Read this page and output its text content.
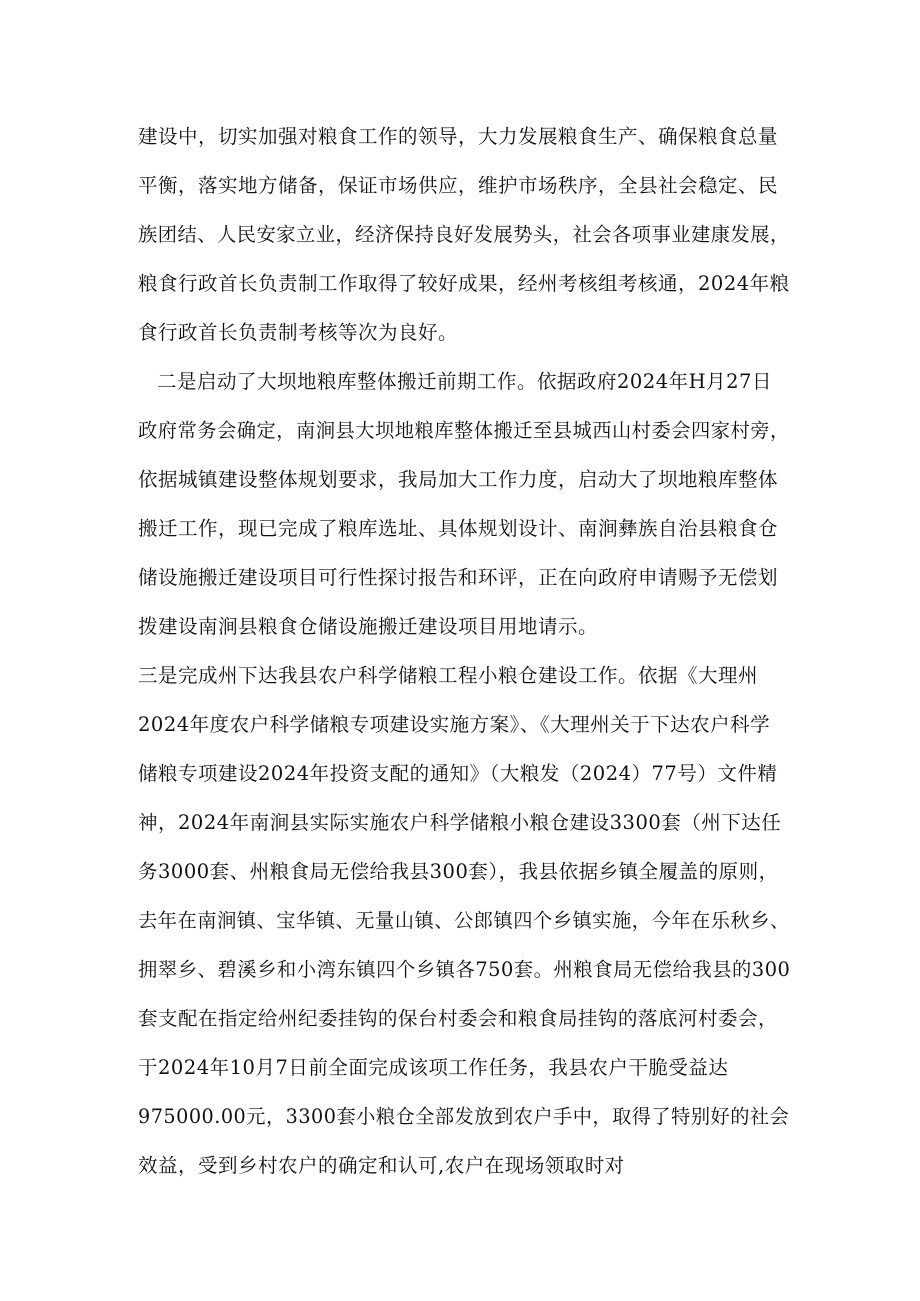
建设中，切实加强对粮食工作的领导，大力发展粮食生产、确保粮食总量
平衡，落实地方储备，保证市场供应，维护市场秩序，全县社会稳定、民
族团结、人民安家立业，经济保持良好发展势头，社会各项事业建康发展，
粮食行政首长负责制工作取得了较好成果，经州考核组考核通，2024年粮
食行政首长负责制考核等次为良好。
二是启动了大坝地粮库整体搬迁前期工作。依据政府2024年H月27日
政府常务会确定，南涧县大坝地粮库整体搬迁至县城西山村委会四家村旁，
依据城镇建设整体规划要求，我局加大工作力度，启动大了坝地粮库整体
搬迁工作，现已完成了粮库选址、具体规划设计、南涧彝族自治县粮食仓
储设施搬迁建设项目可行性探讨报告和环评，正在向政府申请赐予无偿划
拨建设南涧县粮食仓储设施搬迁建设项目用地请示。
三是完成州下达我县农户科学储粮工程小粮仓建设工作。依据《大理州
2024年度农户科学储粮专项建设实施方案》、《大理州关于下达农户科学
储粮专项建设2024年投资支配的通知》（大粮发（2024）77号）文件精
神，2024年南涧县实际实施农户科学储粮小粮仓建设3300套（州下达任
务3000套、州粮食局无偿给我县300套），我县依据乡镇全履盖的原则，
去年在南涧镇、宝华镇、无量山镇、公郎镇四个乡镇实施，今年在乐秋乡、
拥翠乡、碧溪乡和小湾东镇四个乡镇各750套。州粮食局无偿给我县的300
套支配在指定给州纪委挂钩的保台村委会和粮食局挂钩的落底河村委会，
于2024年10月7日前全面完成该项工作任务，我县农户干脆受益达
975000.00元，3300套小粮仓全部发放到农户手中，取得了特别好的社会
效益，受到乡村农户的确定和认可,农户在现场领取时对
